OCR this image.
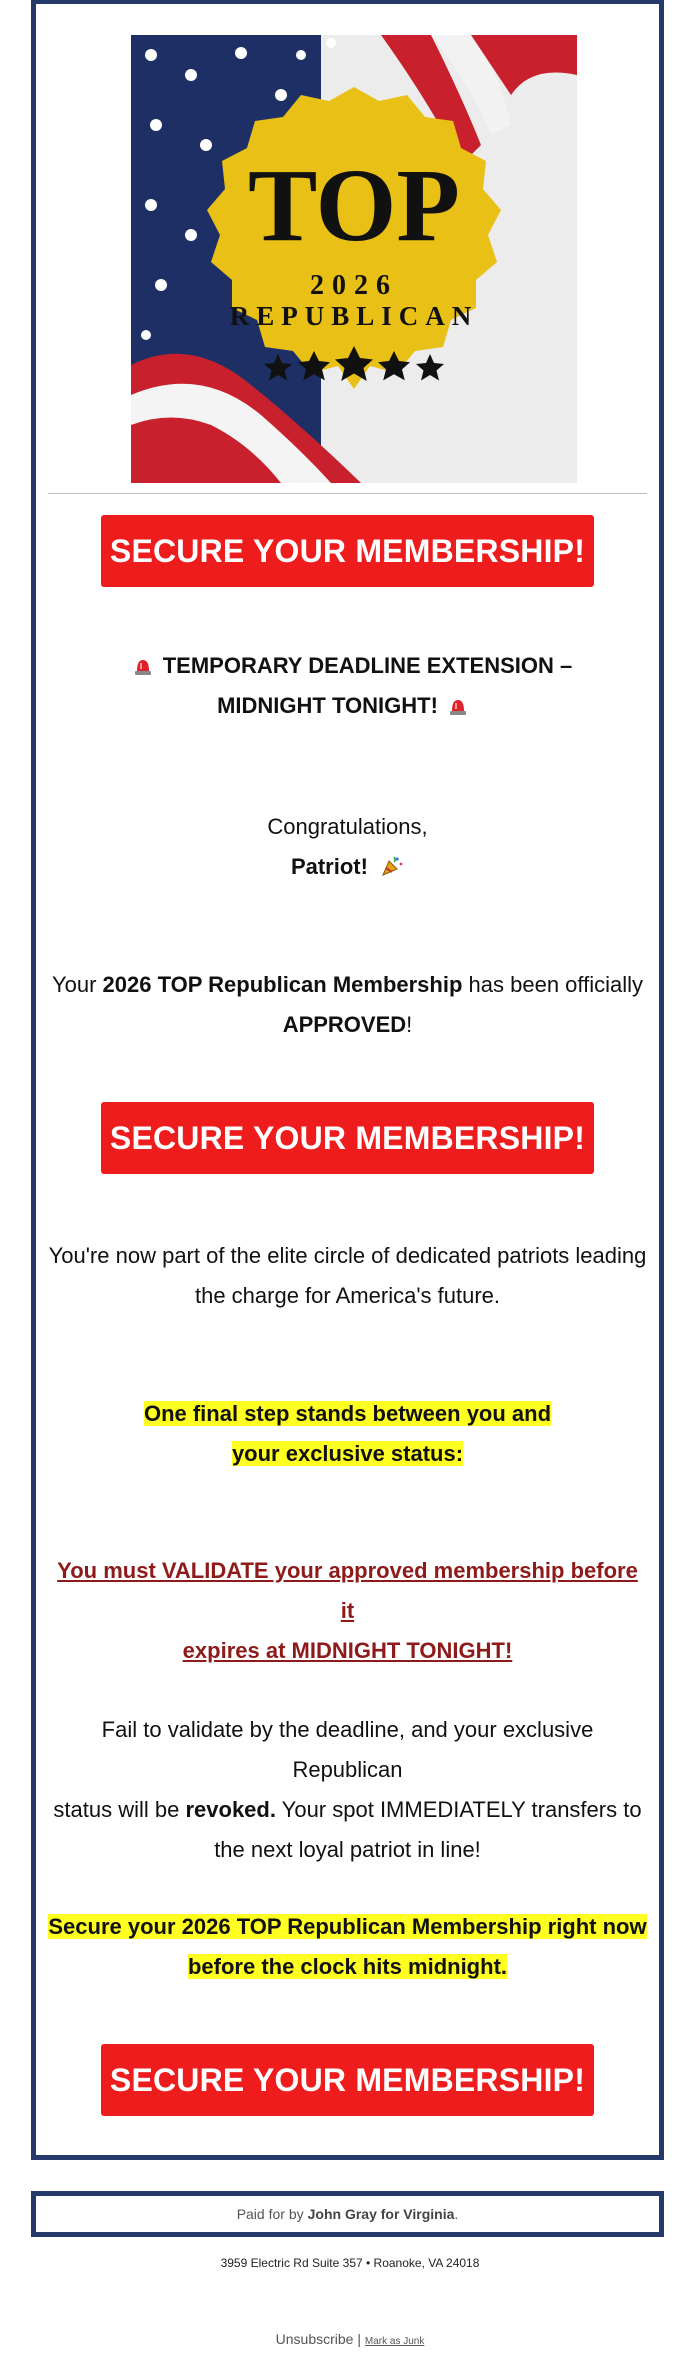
TOP
2026
REPUBLICAN
SECURE YOUR MEMBERSHIP!
TEMPORARY DEADLINE EXTENSION –
MIDNIGHT TONIGHT!
Congratulations,
Patriot!
Your 2026 TOP Republican Membership has been officially
APPROVED!
SECURE YOUR MEMBERSHIP!
You're now part of the elite circle of dedicated patriots leading
the charge for America's future.
One final step stands between you and
your exclusive status:
You must VALIDATE your approved membership before it
expires at MIDNIGHT TONIGHT!
Fail to validate by the deadline, and your exclusive Republican
status will be revoked. Your spot IMMEDIATELY transfers to
the next loyal patriot in line!
Secure your 2026 TOP Republican Membership right now
before the clock hits midnight.
SECURE YOUR MEMBERSHIP!
Paid for by John Gray for Virginia .
3959 Electric Rd Suite 357 • Roanoke, VA 24018
Unsubscribe | Mark as Junk
